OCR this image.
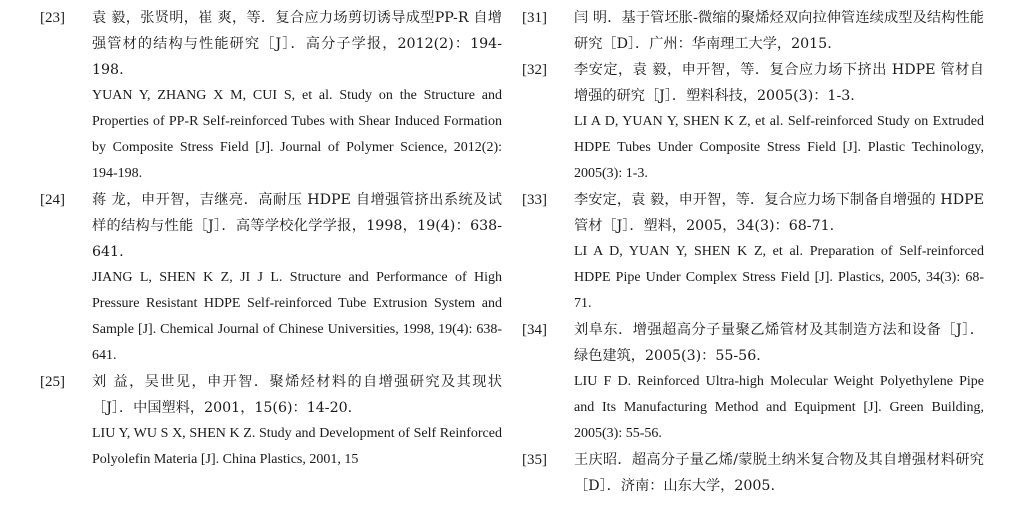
[23] 袁 毅，张贤明，崔 爽，等．复合应力场剪切诱导成型PP-R 自增强管材的结构与性能研究［J］．高分子学报，2012(2)：194-198.

YUAN Y, ZHANG X M, CUI S, et al. Study on the Structure and Properties of PP-R Self-reinforced Tubes with Shear Induced Formation by Composite Stress Field [J]. Journal of Polymer Science, 2012(2): 194-198.

[24] 蒋 龙，申开智，吉继亮．高耐压 HDPE 自增强管挤出系统及试样的结构与性能［J］．高等学校化学学报，1998，19(4)：638-641.

JIANG L, SHEN K Z, JI J L. Structure and Performance of High Pressure Resistant HDPE Self-reinforced Tube Extrusion System and Sample [J]. Chemical Journal of Chinese Universities, 1998, 19(4): 638-641.

[25] 刘 益，吴世见，申开智．聚烯烃材料的自增强研究及其现状［J］．中国塑料，2001，15(6)：14-20.

LIU Y, WU S X, SHEN K Z. Study and Development of Self Reinforced Polyolefin Materia [J]. China Plastics, 2001, 15

[31] 闫 明．基于管坯胀-微缩的聚烯烃双向拉伸管连续成型及结构性能研究［D］．广州：华南理工大学，2015.

[32] 李安定，袁 毅，申开智，等．复合应力场下挤出 HDPE 管材自增强的研究［J］．塑料科技，2005(3)：1-3.

LI A D, YUAN Y, SHEN K Z, et al. Self-reinforced Study on Extruded HDPE Tubes Under Composite Stress Field [J]. Plastic Techinology, 2005(3): 1-3.

[33] 李安定，袁 毅，申开智，等．复合应力场下制备自增强的 HDPE 管材［J］．塑料，2005，34(3)：68-71.

LI A D, YUAN Y, SHEN K Z, et al. Preparation of Self-reinforced HDPE Pipe Under Complex Stress Field [J]. Plastics, 2005, 34(3): 68-71.

[34] 刘阜东．增强超高分子量聚乙烯管材及其制造方法和设备［J］．绿色建筑，2005(3)：55-56.

LIU F D. Reinforced Ultra-high Molecular Weight Polyethylene Pipe and Its Manufacturing Method and Equipment [J]. Green Building, 2005(3): 55-56.

[35] 王庆昭．超高分子量乙烯/蒙脱土纳米复合物及其自增强材料研究［D］．济南：山东大学，2005.
